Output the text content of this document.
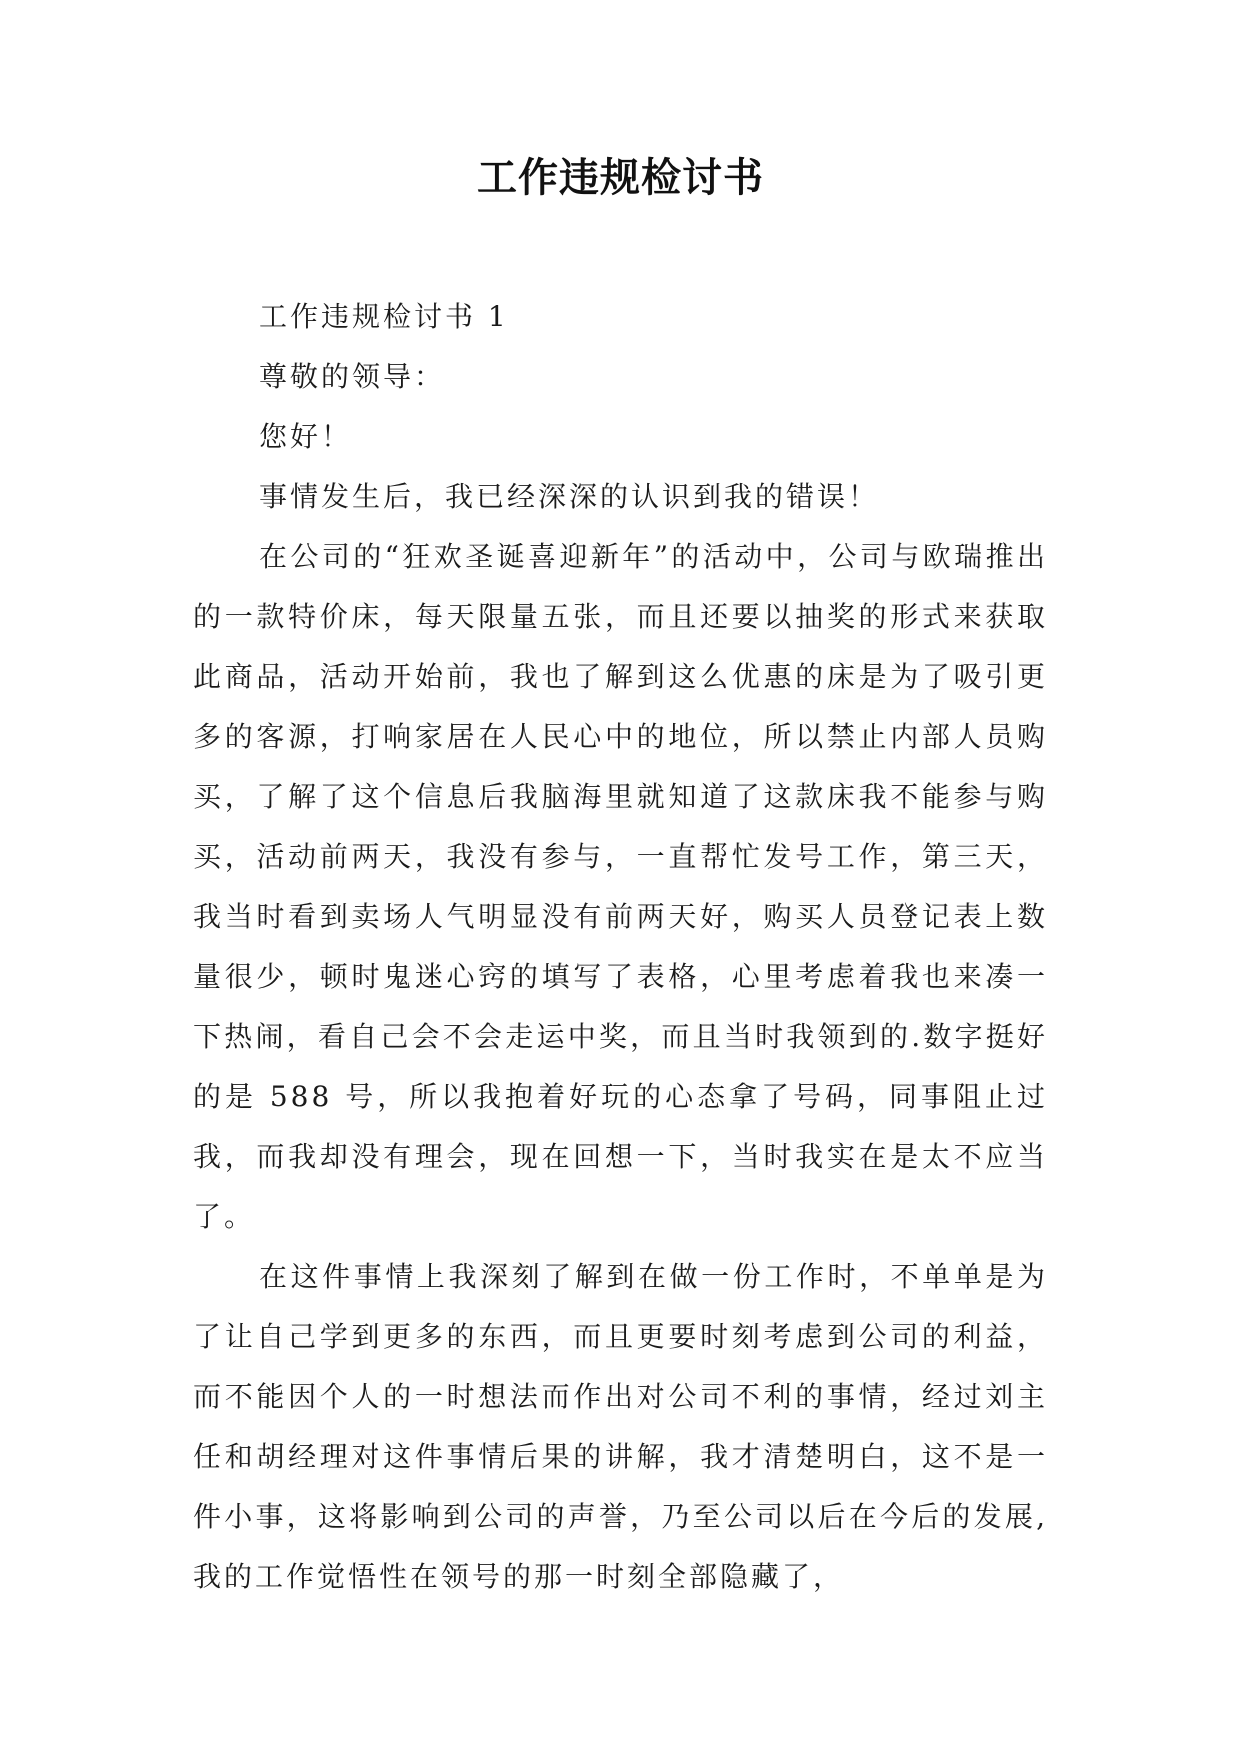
工作违规检讨书

工作违规检讨书 1

尊敬的领导：

您好！

事情发生后，我已经深深的认识到我的错误！

在公司的“狂欢圣诞喜迎新年”的活动中，公司与欧瑞推出的一款特价床，每天限量五张，而且还要以抽奖的形式来获取此商品，活动开始前，我也了解到这么优惠的床是为了吸引更多的客源，打响家居在人民心中的地位，所以禁止内部人员购买，了解了这个信息后我脑海里就知道了这款床我不能参与购买，活动前两天，我没有参与，一直帮忙发号工作，第三天，我当时看到卖场人气明显没有前两天好，购买人员登记表上数量很少，顿时鬼迷心窍的填写了表格，心里考虑着我也来凑一下热闹，看自己会不会走运中奖，而且当时我领到的.数字挺好的是 588 号，所以我抱着好玩的心态拿了号码，同事阻止过我，而我却没有理会，现在回想一下，当时我实在是太不应当了。

在这件事情上我深刻了解到在做一份工作时，不单单是为了让自己学到更多的东西，而且更要时刻考虑到公司的利益，而不能因个人的一时想法而作出对公司不利的事情，经过刘主任和胡经理对这件事情后果的讲解，我才清楚明白，这不是一件小事，这将影响到公司的声誉，乃至公司以后在今后的发展,我的工作觉悟性在领号的那一时刻全部隐藏了，
